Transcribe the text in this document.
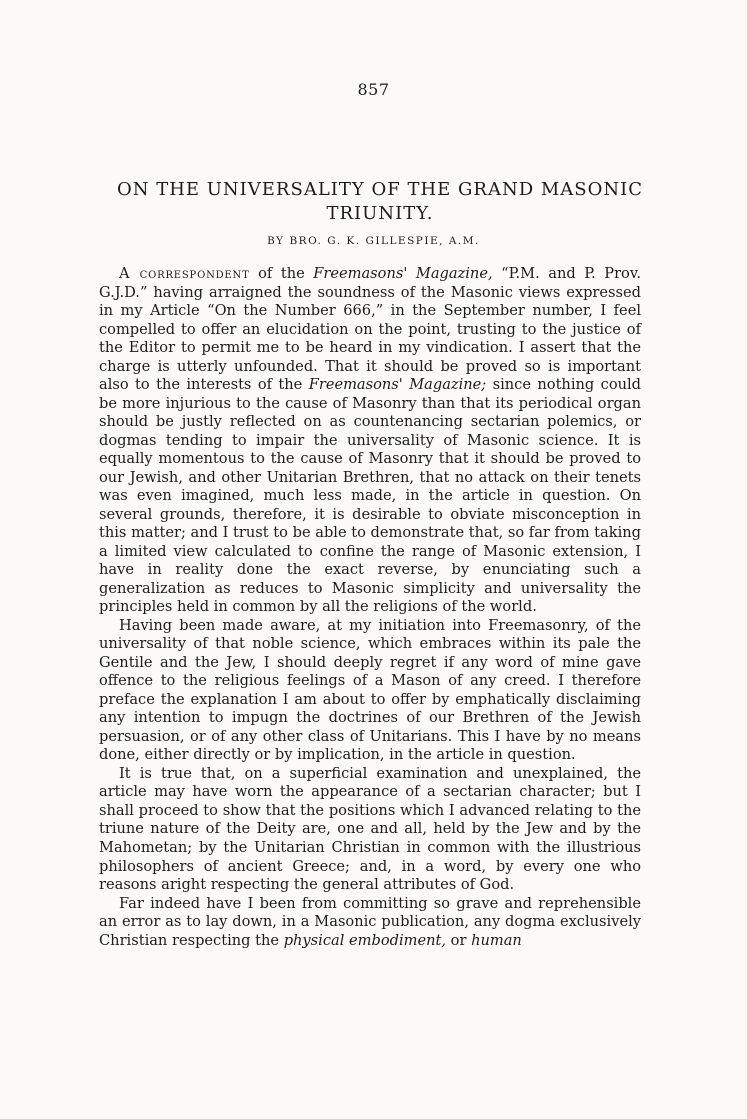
857
ON THE UNIVERSALITY OF THE GRAND MASONIC TRIUNITY.
BY BRO. G. K. GILLESPIE, A.M.

A correspondent of the Freemasons' Magazine, “P.M. and P. Prov. G.J.D.” having arraigned the soundness of the Masonic views expressed in my Article “On the Number 666,” in the September number, I feel compelled to offer an elucidation on the point, trusting to the justice of the Editor to permit me to be heard in my vindication. I assert that the charge is utterly unfounded. That it should be proved so is important also to the interests of the Freemasons' Magazine; since nothing could be more injurious to the cause of Masonry than that its periodical organ should be justly reflected on as countenancing sectarian polemics, or dogmas tending to impair the universality of Masonic science. It is equally momentous to the cause of Masonry that it should be proved to our Jewish, and other Unitarian Brethren, that no attack on their tenets was even imagined, much less made, in the article in question. On several grounds, therefore, it is desirable to obviate misconception in this matter; and I trust to be able to demonstrate that, so far from taking a limited view calculated to confine the range of Masonic extension, I have in reality done the exact reverse, by enunciating such a generalization as reduces to Masonic simplicity and universality the principles held in common by all the religions of the world.

Having been made aware, at my initiation into Freemasonry, of the universality of that noble science, which embraces within its pale the Gentile and the Jew, I should deeply regret if any word of mine gave offence to the religious feelings of a Mason of any creed. I therefore preface the explanation I am about to offer by emphatically disclaiming any intention to impugn the doctrines of our Brethren of the Jewish persuasion, or of any other class of Unitarians. This I have by no means done, either directly or by implication, in the article in question.

It is true that, on a superficial examination and unexplained, the article may have worn the appearance of a sectarian character; but I shall proceed to show that the positions which I advanced relating to the triune nature of the Deity are, one and all, held by the Jew and by the Mahometan; by the Unitarian Christian in common with the illustrious philosophers of ancient Greece; and, in a word, by every one who reasons aright respecting the general attributes of God.

Far indeed have I been from committing so grave and reprehensible an error as to lay down, in a Masonic publication, any dogma exclusively Christian respecting the physical embodiment, or human
